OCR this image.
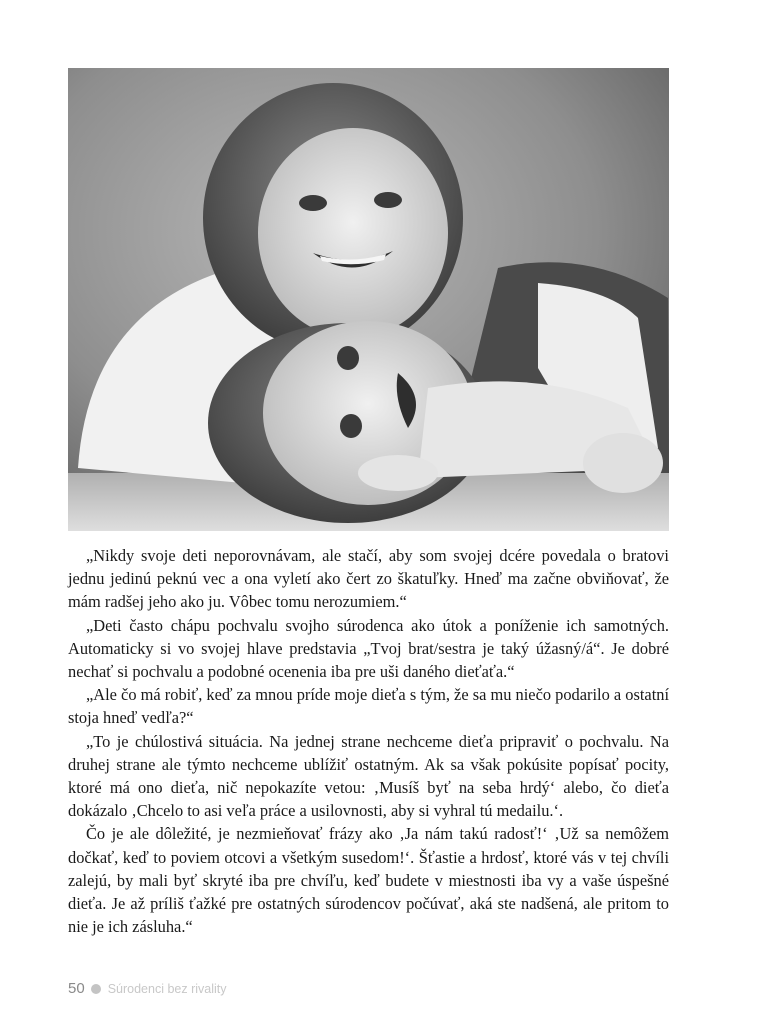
„Nikdy svoje deti neporovnávam, ale stačí, aby som svojej dcére povedala o bratovi jednu jedinú peknú vec a ona vyletí ako čert zo škatuľky. Hneď ma začne obviňovať, že mám radšej jeho ako ju. Vôbec tomu nerozumiem.“

„Deti často chápu pochvalu svojho súrodenca ako útok a poníženie ich samotných. Automaticky si vo svojej hlave predstavia „Tvoj brat/sestra je taký úžasný/á“. Je dobré nechať si pochvalu a podobné ocenenia iba pre uši daného dieťaťa.“

„Ale čo má robiť, keď za mnou príde moje dieťa s tým, že sa mu niečo podarilo a ostatní stoja hneď vedľa?“

„To je chúlostivá situácia. Na jednej strane nechceme dieťa pripraviť o pochvalu. Na druhej strane ale týmto nechceme ublížiť ostatným. Ak sa však pokúsite popísať pocity, ktoré má ono dieťa, nič nepokazíte vetou: ‚Musíš byť na seba hrdý‘ alebo, čo dieťa dokázalo ‚Chcelo to asi veľa práce a usilovnosti, aby si vyhral tú medailu.‘.

Čo je ale dôležité, je nezmieňovať frázy ako ‚Ja nám takú radosť!‘ ‚Už sa nemôžem dočkať, keď to poviem otcovi a všetkým susedom!‘. Šťastie a hrdosť, ktoré vás v tej chvíli zalejú, by mali byť skryté iba pre chvíľu, keď budete v miestnosti iba vy a vaše úspešné dieťa. Je až príliš ťažké pre ostatných súrodencov počúvať, aká ste nadšená, ale pritom to nie je ich zásluha.“

50 Súrodenci bez rivality
